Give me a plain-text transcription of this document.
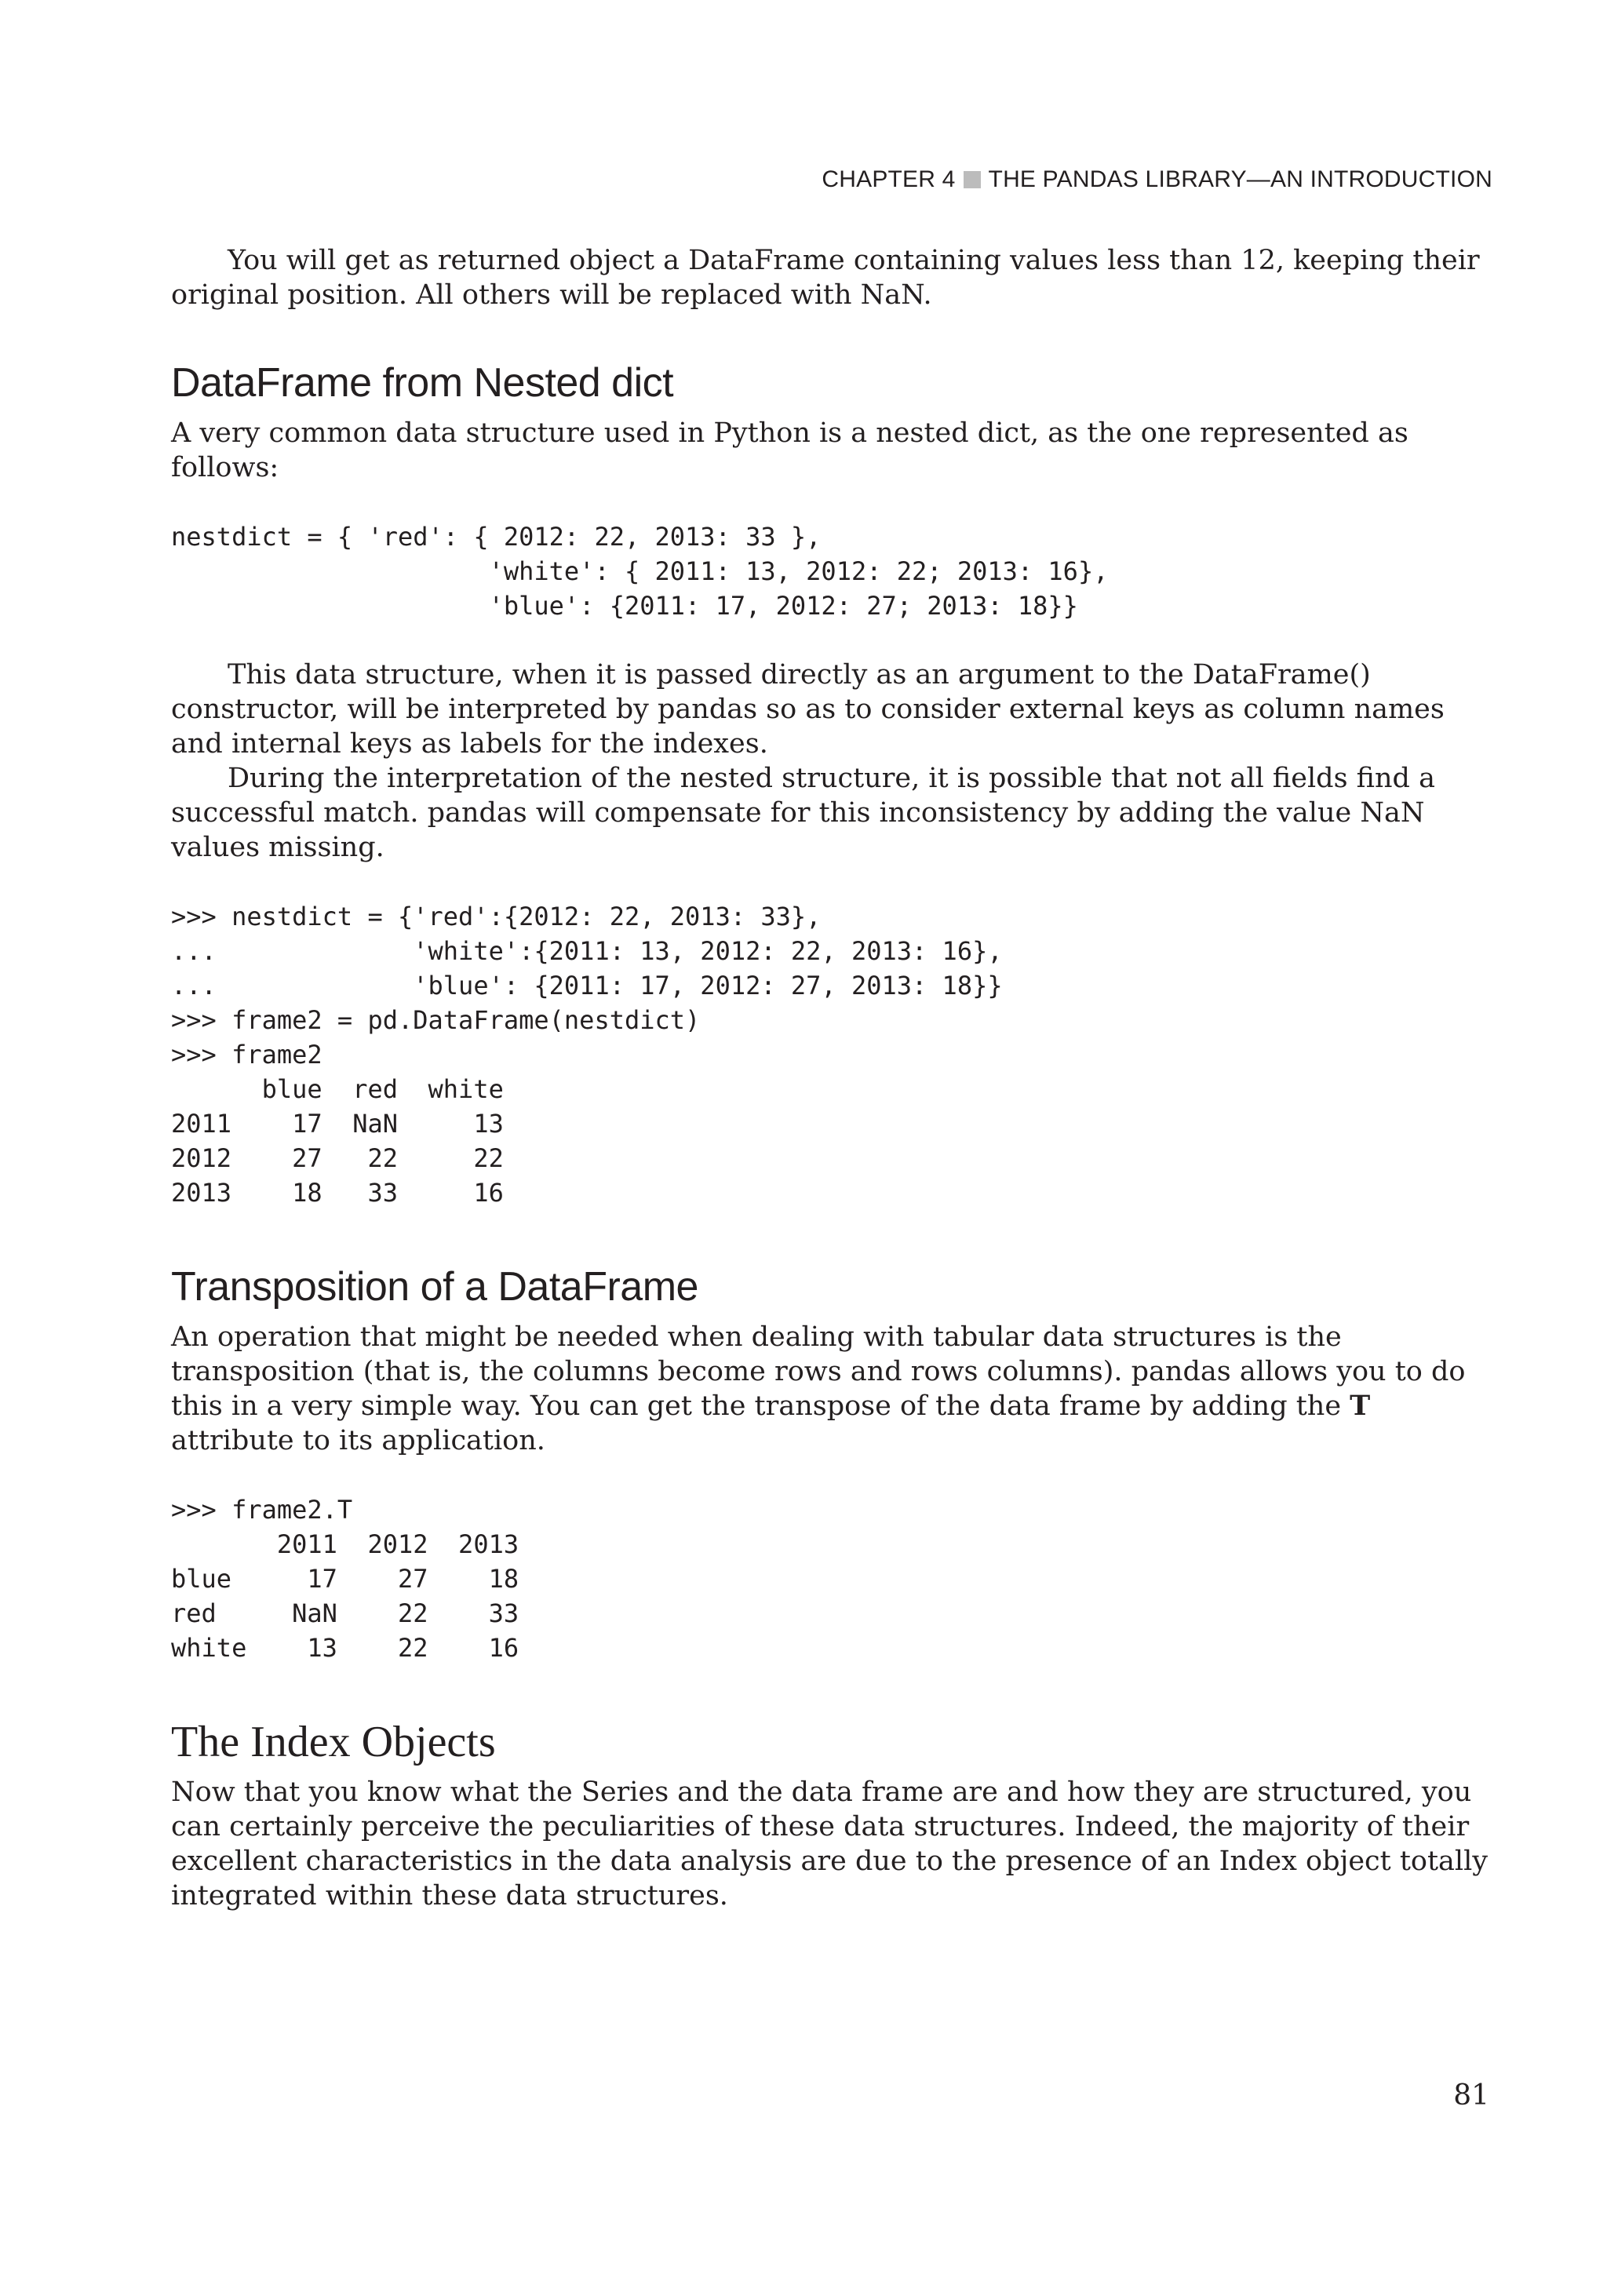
CHAPTER 4 THE PANDAS LIBRARY—AN INTRODUCTION

You will get as returned object a DataFrame containing values less than 12, keeping their original position. All others will be replaced with NaN.

DataFrame from Nested dict

A very common data structure used in Python is a nested dict, as the one represented as follows:

nestdict = { 'red': { 2012: 22, 2013: 33 },
'white': { 2011: 13, 2012: 22; 2013: 16},
'blue': {2011: 17, 2012: 27; 2013: 18}}

This data structure, when it is passed directly as an argument to the DataFrame() constructor, will be interpreted by pandas so as to consider external keys as column names and internal keys as labels for the indexes.

During the interpretation of the nested structure, it is possible that not all fields find a successful match. pandas will compensate for this inconsistency by adding the value NaN values missing.

>>> nestdict = {'red':{2012: 22, 2013: 33},
...             'white':{2011: 13, 2012: 22, 2013: 16},
...             'blue': {2011: 17, 2012: 27, 2013: 18}}
>>> frame2 = pd.DataFrame(nestdict)
>>> frame2
blue  red  white
2011    17  NaN     13
2012    27   22     22
2013    18   33     16
Transposition of a DataFrame

An operation that might be needed when dealing with tabular data structures is the transposition (that is, the columns become rows and rows columns). pandas allows you to do this in a very simple way. You can get the transpose of the data frame by adding the T attribute to its application.

>>> frame2.T
2011  2012  2013
blue     17    27    18
red     NaN    22    33
white    13    22    16
The Index Objects

Now that you know what the Series and the data frame are and how they are structured, you can certainly perceive the peculiarities of these data structures. Indeed, the majority of their excellent characteristics in the data analysis are due to the presence of an Index object totally integrated within these data structures.

81
